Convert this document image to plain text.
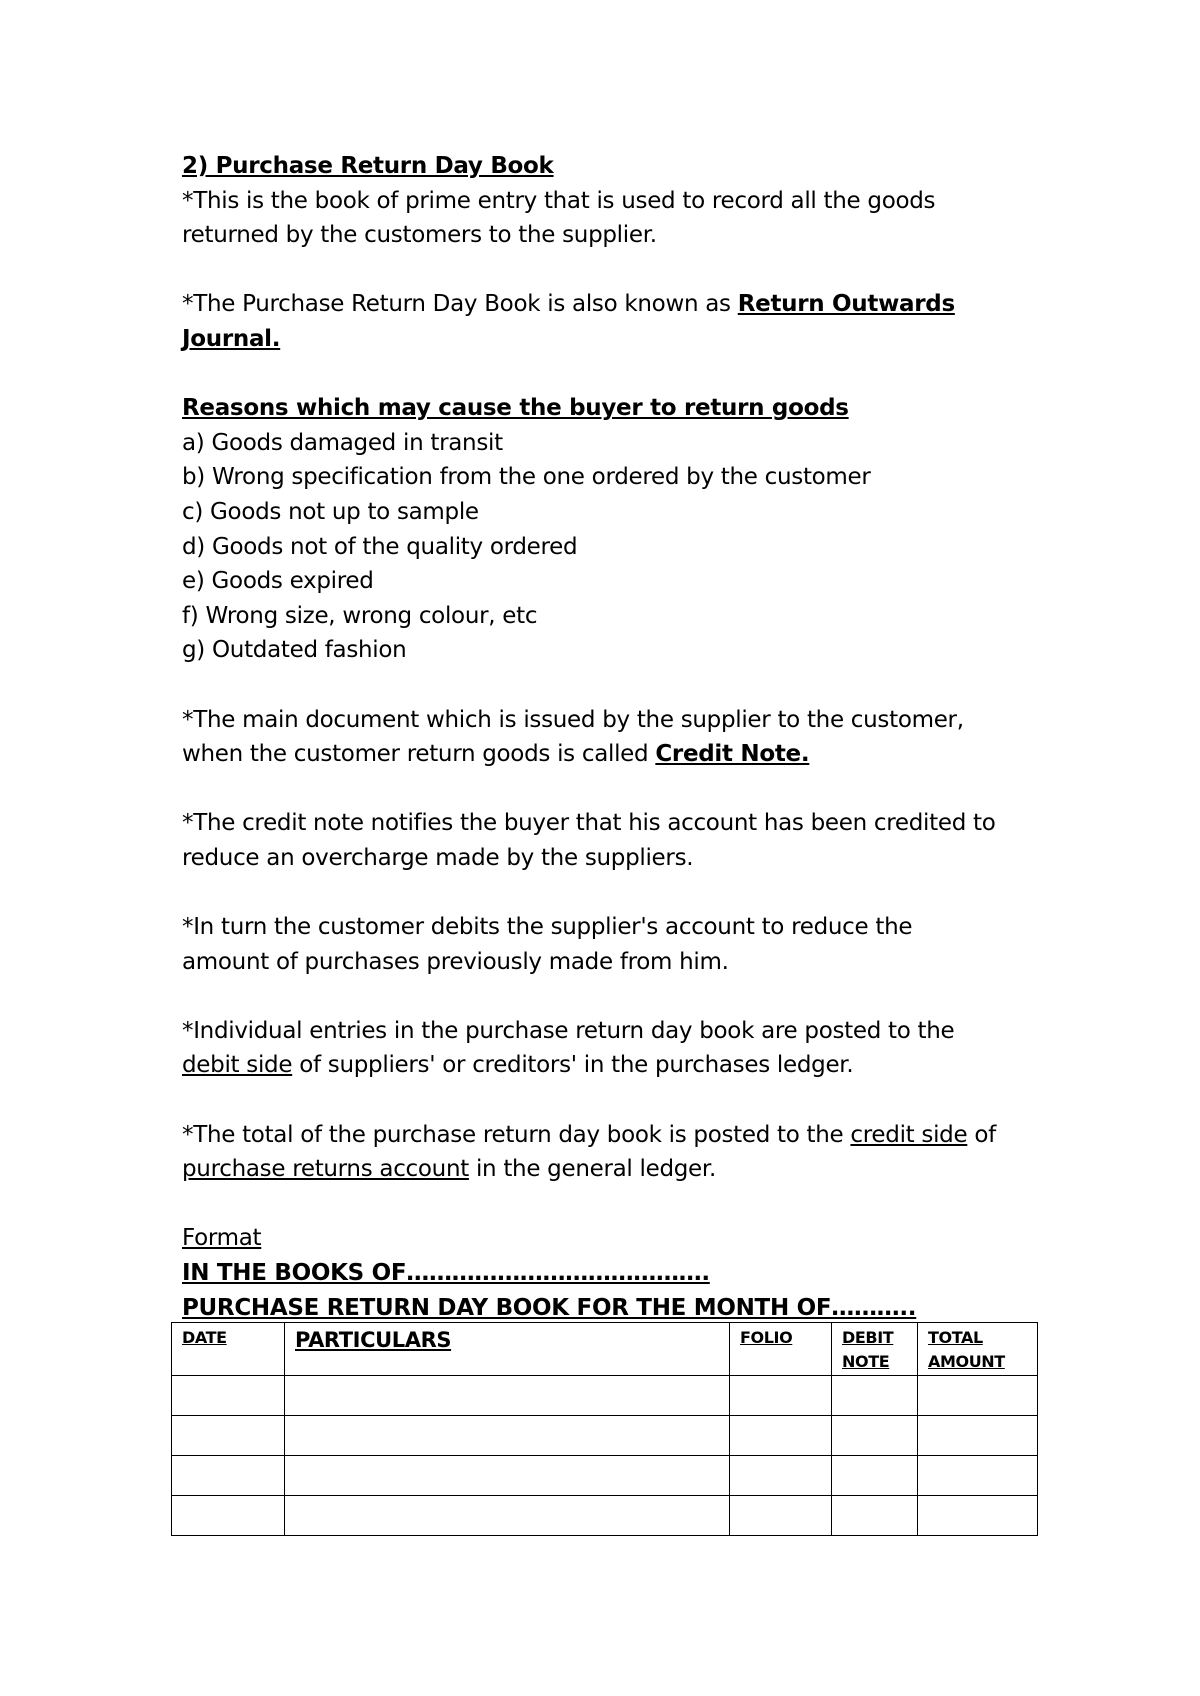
2) Purchase Return Day Book
*This is the book of prime entry that is used to record all the goods
returned by the customers to the supplier.
*The Purchase Return Day Book is also known as Return Outwards
Journal.
Reasons which may cause the buyer to return goods
a) Goods damaged in transit
b) Wrong specification from the one ordered by the customer
c) Goods not up to sample
d) Goods not of the quality ordered
e) Goods expired
f) Wrong size, wrong colour, etc
g) Outdated fashion
*The main document which is issued by the supplier to the customer,
when the customer return goods is called Credit Note.
*The credit note notifies the buyer that his account has been credited to
reduce an overcharge made by the suppliers.
*In turn the customer debits the supplier's account to reduce the
amount of purchases previously made from him.
*Individual entries in the purchase return day book are posted to the
debit side of suppliers' or creditors' in the purchases ledger.
*The total of the purchase return day book is posted to the credit side of
purchase returns account in the general ledger.
Format
IN THE BOOKS OF………………………………….
PURCHASE RETURN DAY BOOK FOR THE MONTH OF………..
DATE	PARTICULARS	FOLIO	DEBIT NOTE	TOTAL AMOUNT
